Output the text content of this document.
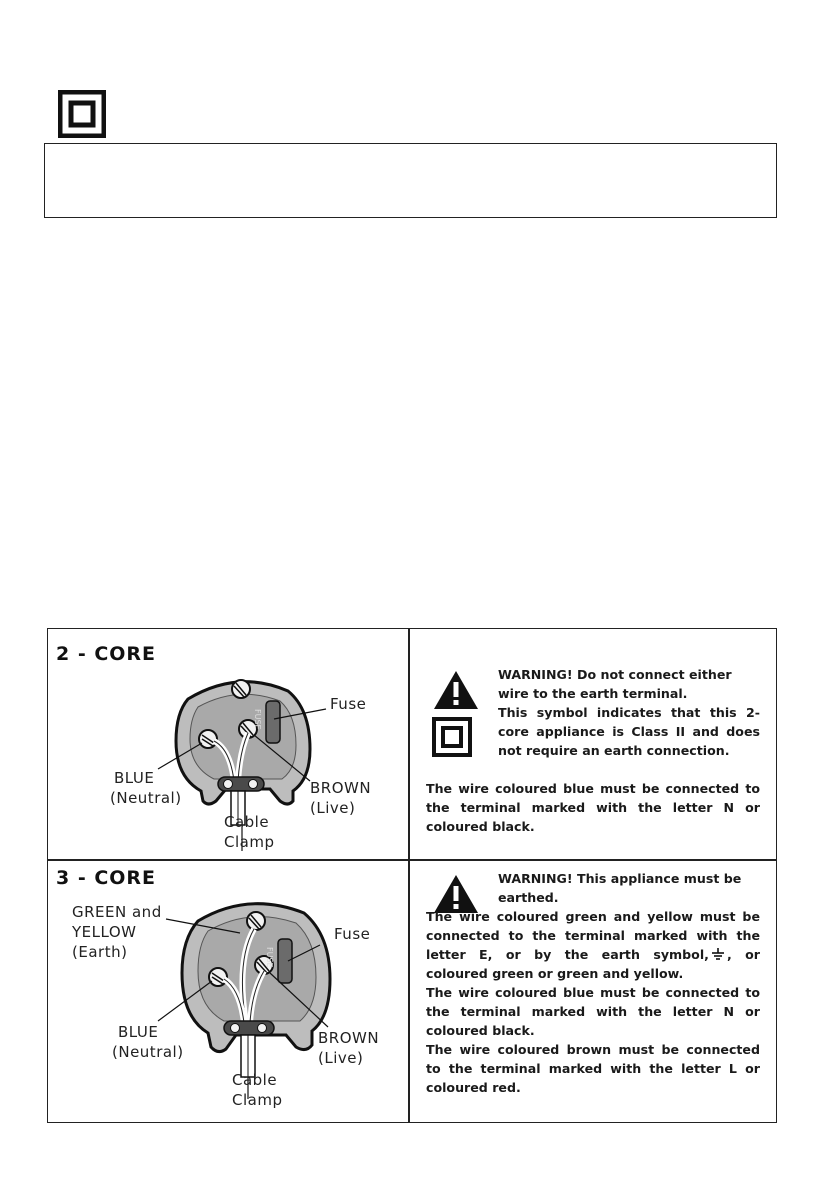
2 - CORE
Fuse
FUSE
BLUE
(Neutral)
BROWN
(Live)
Cable
Clamp
WARNING! Do not connect either
wire to the earth terminal.
This symbol indicates that this 2-core appliance is Class II and does not require an earth connection.
The wire coloured blue must be connected to the terminal marked with the letter N or coloured black.
3 - CORE
GREEN and
YELLOW
(Earth)
Fuse
FUSE
BLUE
(Neutral)
BROWN
(Live)
Cable
Clamp
WARNING! This appliance must be
earthed.
The wire coloured green and yellow must be connected to the terminal marked with the letter E, or by the earth symbol, , or coloured green or green and yellow.
The wire coloured blue must be connected to the terminal marked with the letter N or coloured black.
The wire coloured brown must be connected to the terminal marked with the letter L or coloured red.
